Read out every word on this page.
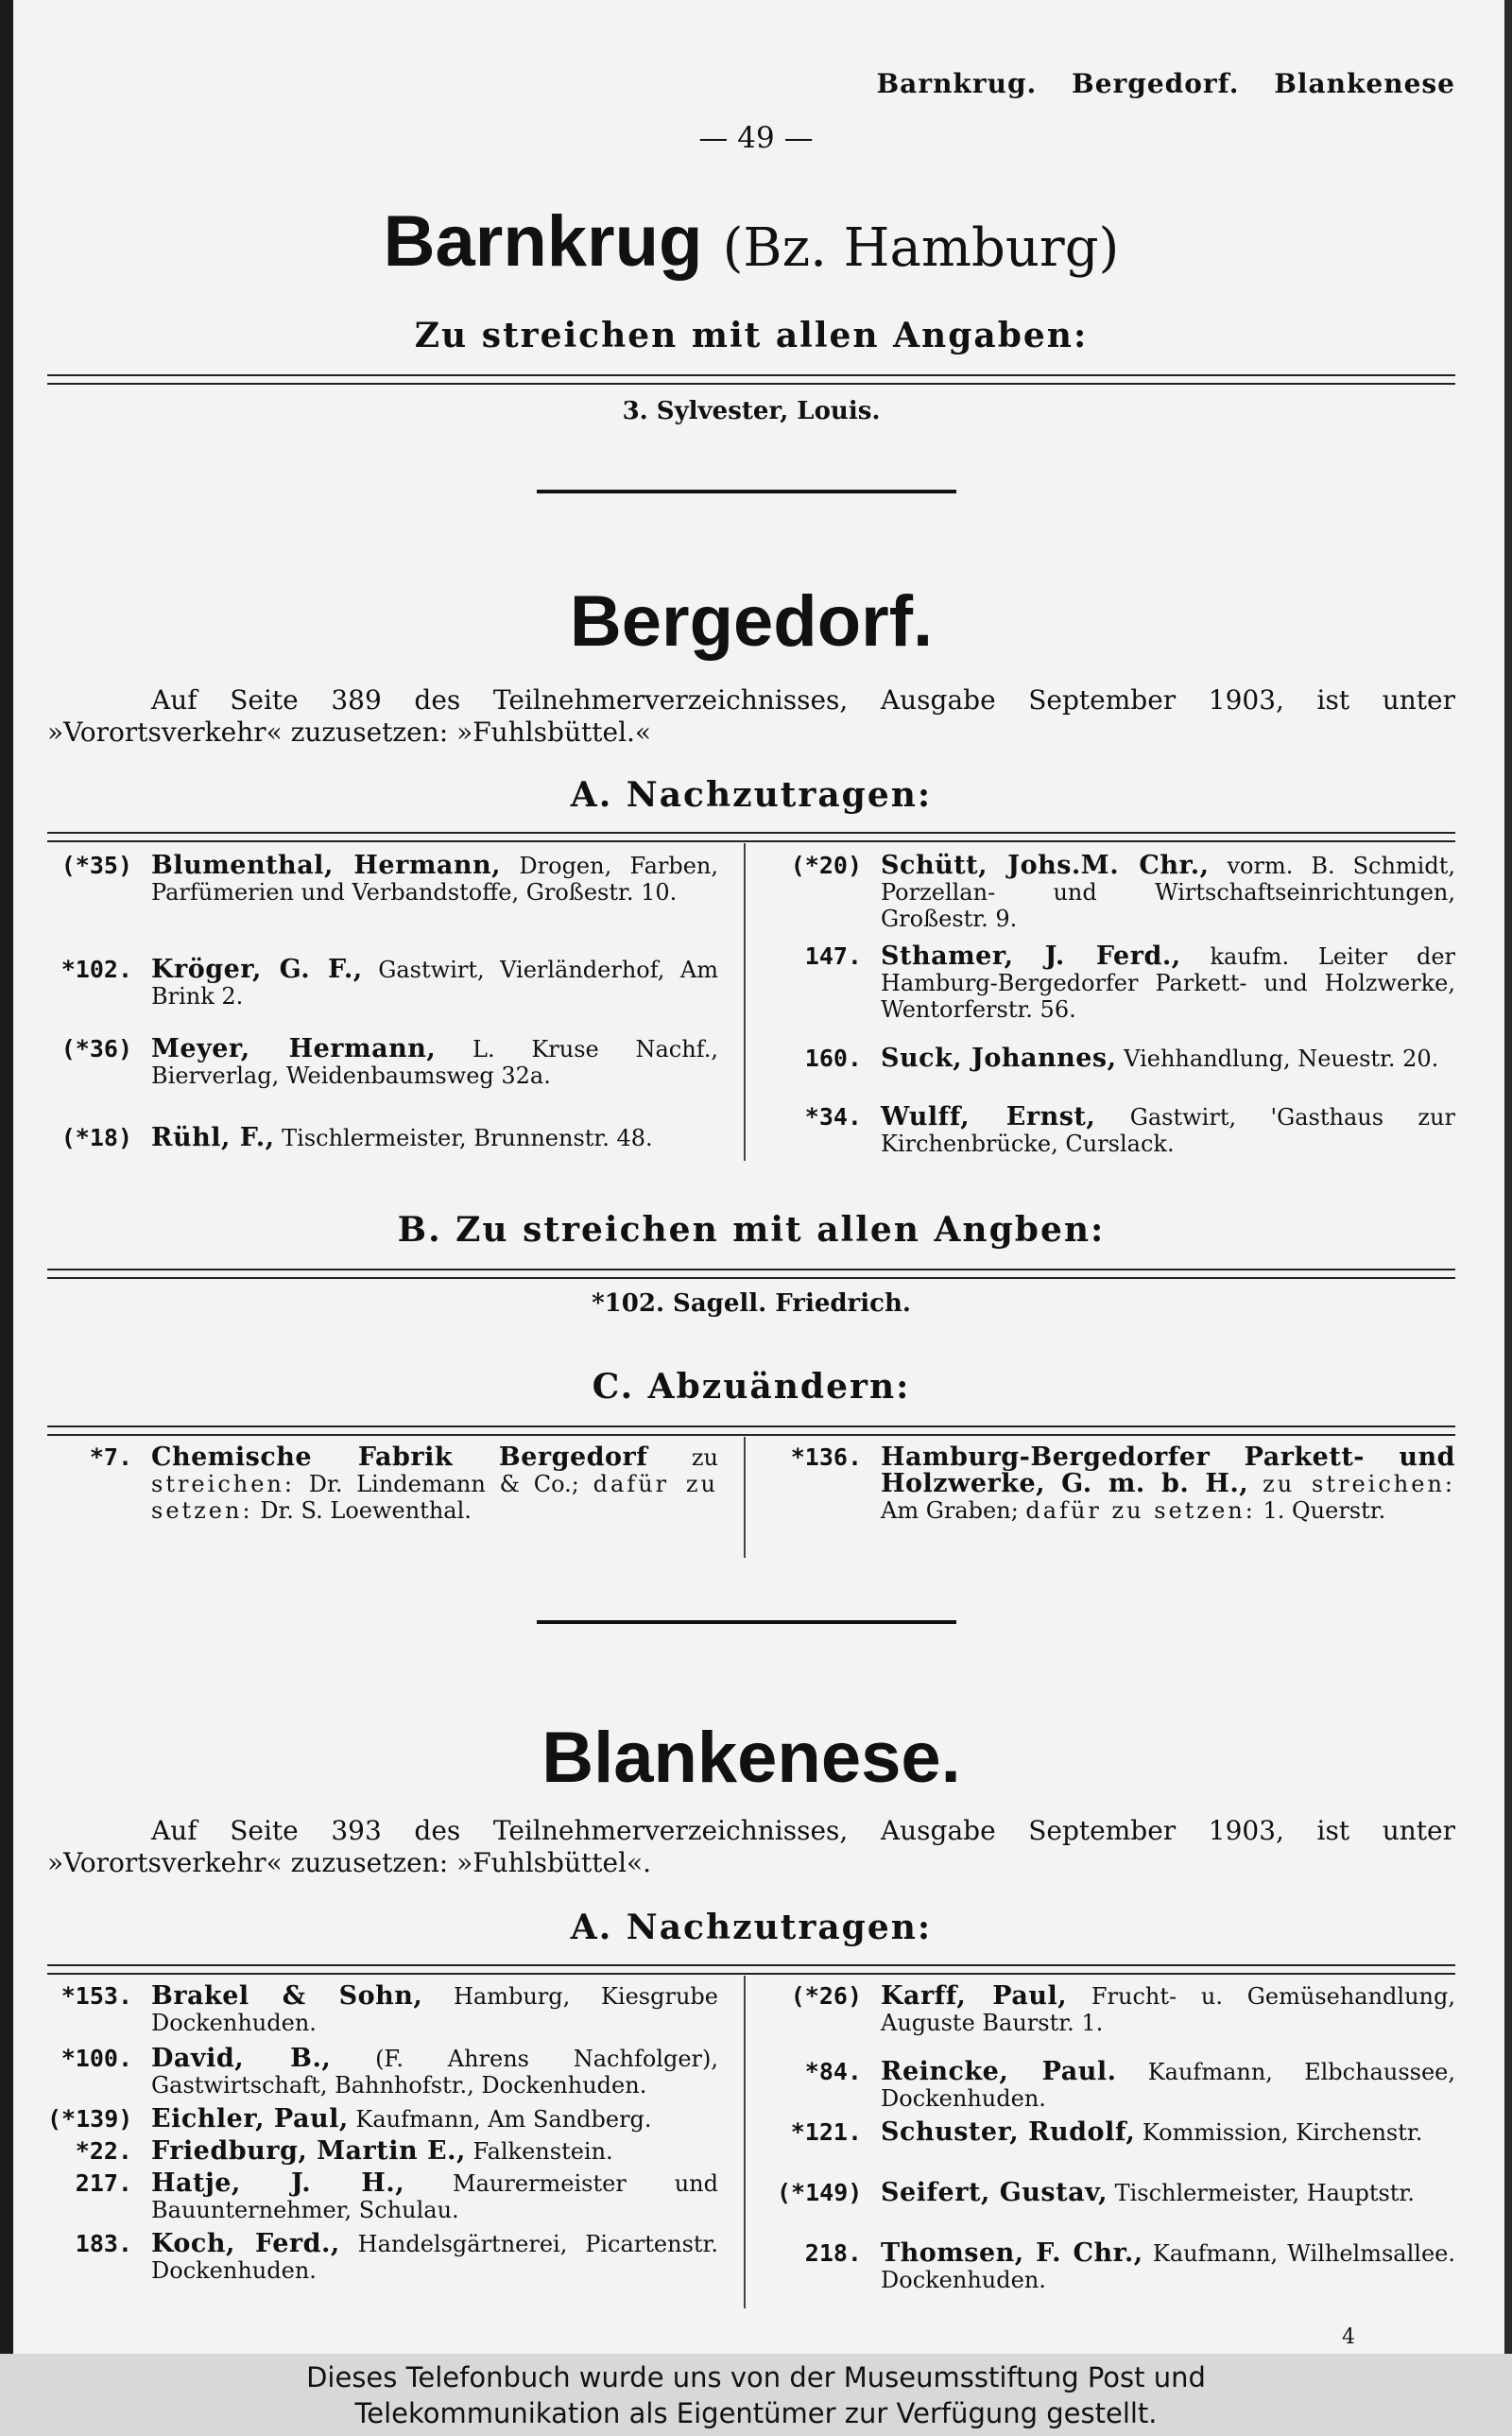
Barnkrug. Bergedorf. Blankenese
— 49 —
Barnkrug (Bz. Hamburg)
Zu streichen mit allen Angaben:
3. Sylvester, Louis.
Bergedorf.
Auf Seite 389 des Teilnehmerverzeichnisses, Ausgabe September 1903, ist unter
»Vorortsverkehr« zuzusetzen: »Fuhlsbüttel.«
A. Nachzutragen:
(*35) Blumenthal, Hermann, Drogen, Farben, Parfümerien und Verbandstoffe, Großestr. 10.
*102. Kröger, G. F., Gastwirt, Vierländerhof, Am Brink 2.
(*36) Meyer, Hermann, L. Kruse Nachf., Bierverlag, Weidenbaumsweg 32a.
(*18) Rühl, F., Tischlermeister, Brunnenstr. 48.
(*20) Schütt, Johs.M. Chr., vorm. B. Schmidt, Porzellan- und Wirtschaftseinrichtungen, Großestr. 9.
147. Sthamer, J. Ferd., kaufm. Leiter der Hamburg-Bergedorfer Parkett- und Holzwerke, Wentorferstr. 56.
160. Suck, Johannes, Viehhandlung, Neuestr. 20.
*34. Wulff, Ernst, Gastwirt, 'Gasthaus zur Kirchenbrücke, Curslack.
B. Zu streichen mit allen Angben:
*102. Sagell. Friedrich.
C. Abzuändern:
*7. Chemische Fabrik Bergedorf zu streichen: Dr. Lindemann & Co.; dafür zu setzen: Dr. S. Loewenthal.
*136. Hamburg-Bergedorfer Parkett- und Holzwerke, G. m. b. H., zu streichen: Am Graben; dafür zu setzen: 1. Querstr.
Blankenese.
Auf Seite 393 des Teilnehmerverzeichnisses, Ausgabe September 1903, ist unter
»Vorortsverkehr« zuzusetzen: »Fuhlsbüttel«.
A. Nachzutragen:
*153. Brakel & Sohn, Hamburg, Kiesgrube Dockenhuden.
*100. David, B., (F. Ahrens Nachfolger), Gastwirtschaft, Bahnhofstr., Dockenhuden.
(*139) Eichler, Paul, Kaufmann, Am Sandberg.
*22. Friedburg, Martin E., Falkenstein.
217. Hatje, J. H., Maurermeister und Bauunternehmer, Schulau.
183. Koch, Ferd., Handelsgärtnerei, Picartenstr. Dockenhuden.
(*26) Karff, Paul, Frucht- u. Gemüsehandlung, Auguste Baurstr. 1.
*84. Reincke, Paul. Kaufmann, Elbchaussee, Dockenhuden.
*121. Schuster, Rudolf, Kommission, Kirchenstr.
(*149) Seifert, Gustav, Tischlermeister, Hauptstr.
218. Thomsen, F. Chr., Kaufmann, Wilhelmsallee. Dockenhuden.
4
Dieses Telefonbuch wurde uns von der Museumsstiftung Post und
Telekommunikation als Eigentümer zur Verfügung gestellt.
